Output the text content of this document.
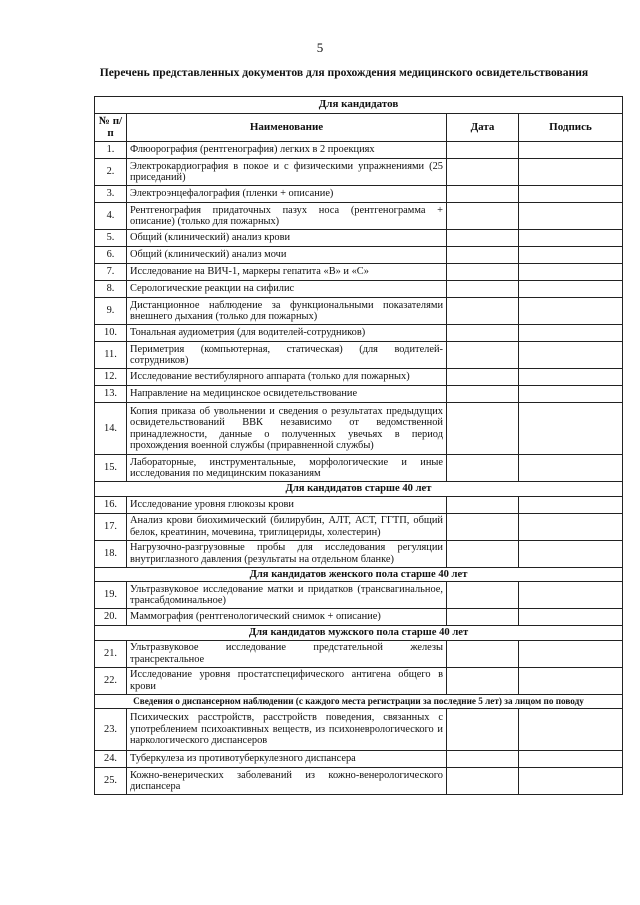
5
Перечень представленных документов для прохождения медицинского освидетельствования
Для кандидатов			
№ п/п	Наименование	Дата	Подпись
1.	Флюорография (рентгенография) легких в 2 проекциях		
2.	Электрокардиография в покое и с физическими упражнениями (25 приседаний)		
3.	Электроэнцефалография (пленки + описание)		
4.	Рентгенография придаточных пазух носа (рентгенограмма + описание) (только для пожарных)		
5.	Общий (клинический) анализ крови		
6.	Общий (клинический) анализ мочи		
7.	Исследование на ВИЧ-1, маркеры гепатита «В» и «С»		
8.	Серологические реакции на сифилис		
9.	Дистанционное наблюдение за функциональными показателями внешнего дыхания (только для пожарных)		
10.	Тональная аудиометрия (для водителей-сотрудников)		
11.	Периметрия (компьютерная, статическая) (для водителей-сотрудников)		
12.	Исследование вестибулярного аппарата (только для пожарных)		
13.	Направление на медицинское освидетельствование		
14.	Копия приказа об увольнении и сведения о результатах предыдущих освидетельствований ВВК независимо от ведомственной принадлежности, данные о полученных увечьях в период прохождения военной службы (приравненной службы)		
15.	Лабораторные, инструментальные, морфологические и иные исследования по медицинским показаниям		
Для кандидатов старше 40 лет			
16.	Исследование уровня глюкозы крови		
17.	Анализ крови биохимический (билирубин, АЛТ, АСТ, ГГТП, общий белок, креатинин, мочевина, триглицериды, холестерин)		
18.	Нагрузочно-разгрузовные пробы для исследования регуляции внутриглазного давления (результаты на отдельном бланке)		
Для кандидатов женского пола старше 40 лет			
19.	Ультразвуковое исследование матки и придатков (трансвагинальное, трансабдоминальное)		
20.	Маммография (рентгенологический снимок + описание)		
Для кандидатов мужского пола старше 40 лет			
21.	Ультразвуковое исследование предстательной железы трансректальное		
22.	Исследование уровня простатспецифического антигена общего в крови		
Сведения о диспансерном наблюдении (с каждого места регистрации за последние 5 лет) за лицом по поводу			
23.	Психических расстройств, расстройств поведения, связанных с употреблением психоактивных веществ, из психоневрологического и наркологического диспансеров		
24.	Туберкулеза из противотуберкулезного диспансера		
25.	Кожно-венерических заболеваний из кожно-венерологического диспансера		
